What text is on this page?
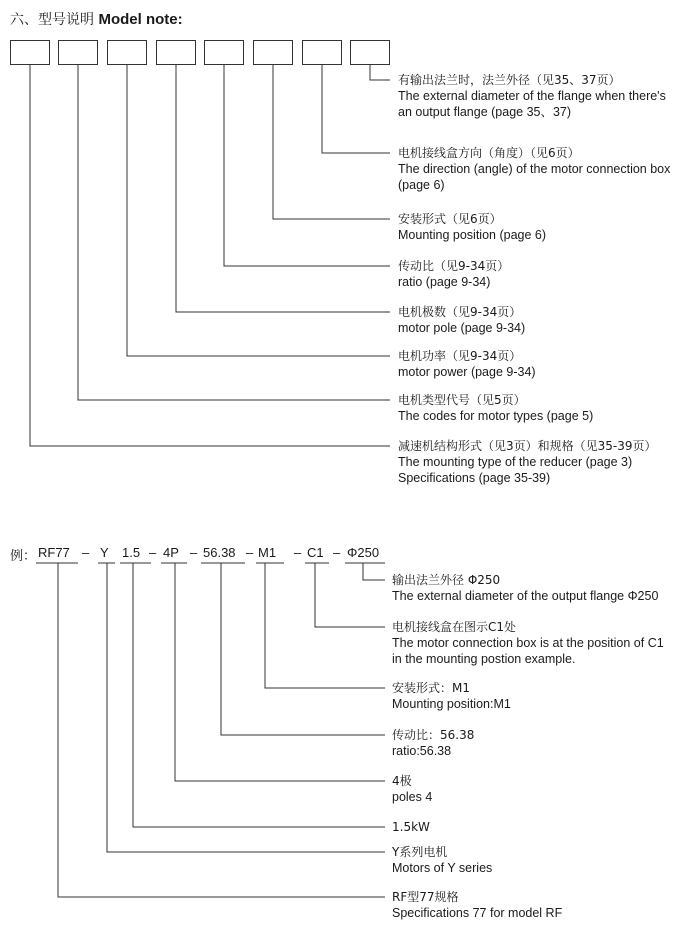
六、型号说明 Model note:
有输出法兰时，法兰外径（见35、37页）
The external diameter of the flange when there's
an output flange (page 35、37)
电机接线盒方向（角度）（见6页）
The direction (angle) of the motor connection box
(page 6)
安装形式（见6页）
Mounting position (page 6)
传动比（见9-34页）
ratio (page 9-34)
电机极数（见9-34页）
motor pole (page 9-34)
电机功率（见9-34页）
motor power (page 9-34)
电机类型代号（见5页）
The codes for motor types (page 5)
减速机结构形式（见3页）和规格（见35-39页）
The mounting type of the reducer (page 3)
Specifications (page 35-39)
例： RF77 – Y 1.5 – 4P – 56.38 – M1 – C1 – Φ250
输出法兰外径 Φ250
The external diameter of the output flange Φ250
电机接线盒在图示C1处
The motor connection box is at the position of C1
in the mounting postion example.
安装形式：M1
Mounting position:M1
传动比：56.38
ratio:56.38
4极
poles 4
1.5kW
Y系列电机
Motors of Y series
RF型77规格
Specifications 77 for model RF
